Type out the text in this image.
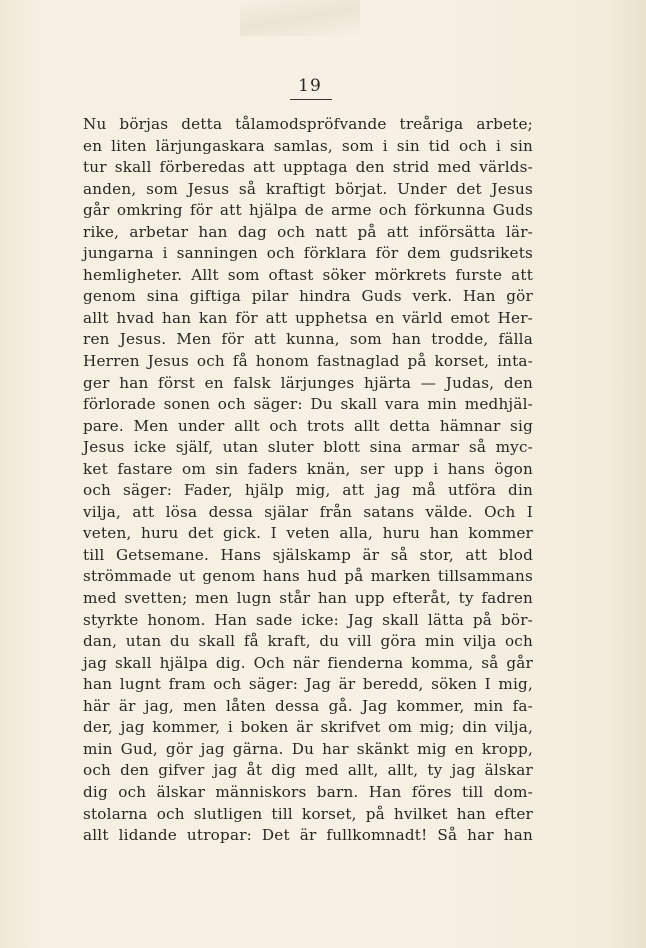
19
Nu börjas detta tålamodspröfvande treåriga arbete;
en liten lärjungaskara samlas, som i sin tid och i sin
tur skall förberedas att upptaga den strid med världs-
anden, som Jesus så kraftigt börjat. Under det Jesus
går omkring för att hjälpa de arme och förkunna Guds
rike, arbetar han dag och natt på att införsätta lär-
jungarna i sanningen och förklara för dem gudsrikets
hemligheter. Allt som oftast söker mörkrets furste att
genom sina giftiga pilar hindra Guds verk. Han gör
allt hvad han kan för att upphetsa en värld emot Her-
ren Jesus. Men för att kunna, som han trodde, fälla
Herren Jesus och få honom fastnaglad på korset, inta-
ger han först en falsk lärjunges hjärta — Judas, den
förlorade sonen och säger: Du skall vara min medhjäl-
pare. Men under allt och trots allt detta hämnar sig
Jesus icke själf, utan sluter blott sina armar så myc-
ket fastare om sin faders knän, ser upp i hans ögon
och säger: Fader, hjälp mig, att jag må utföra din
vilja, att lösa dessa själar från satans välde. Och I
veten, huru det gick. I veten alla, huru han kommer
till Getsemane. Hans själskamp är så stor, att blod
strömmade ut genom hans hud på marken tillsammans
med svetten; men lugn står han upp efteråt, ty fadren
styrkte honom. Han sade icke: Jag skall lätta på bör-
dan, utan du skall få kraft, du vill göra min vilja och
jag skall hjälpa dig. Och när fienderna komma, så går
han lugnt fram och säger: Jag är beredd, söken I mig,
här är jag, men låten dessa gå. Jag kommer, min fa-
der, jag kommer, i boken är skrifvet om mig; din vilja,
min Gud, gör jag gärna. Du har skänkt mig en kropp,
och den gifver jag åt dig med allt, allt, ty jag älskar
dig och älskar människors barn. Han föres till dom-
stolarna och slutligen till korset, på hvilket han efter
allt lidande utropar: Det är fullkomnadt! Så har han
